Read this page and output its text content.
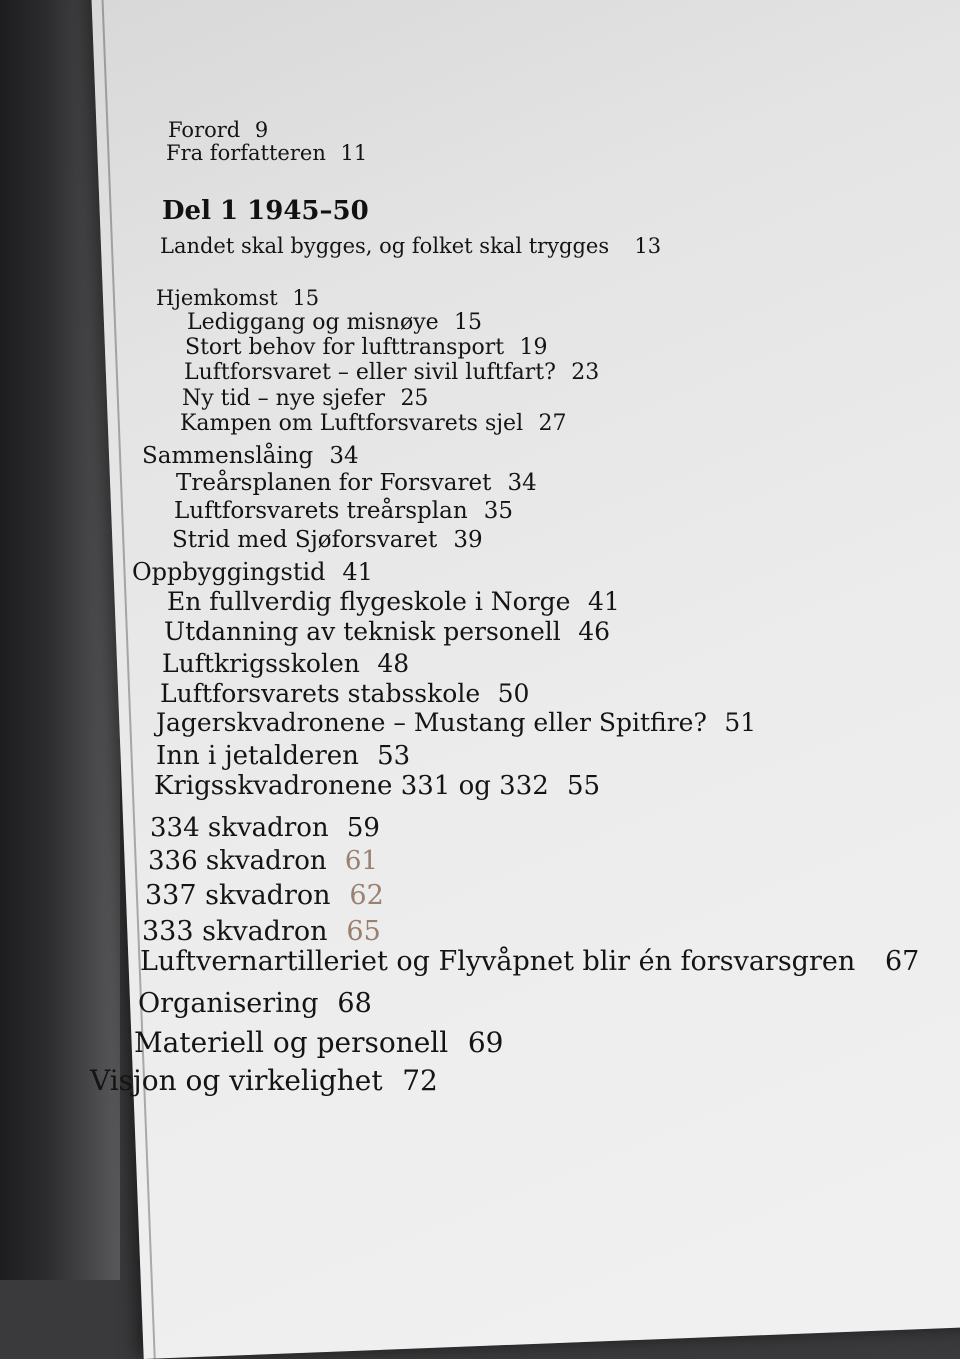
Forord 9
Fra forfatteren 11
Del 1 1945–50
Landet skal bygges, og folket skal trygges 13
Hjemkomst 15
Lediggang og misnøye 15
Stort behov for lufttransport 19
Luftforsvaret – eller sivil luftfart? 23
Ny tid – nye sjefer 25
Kampen om Luftforsvarets sjel 27
Sammenslåing 34
Treårsplanen for Forsvaret 34
Luftforsvarets treårsplan 35
Strid med Sjøforsvaret 39
Oppbyggingstid 41
En fullverdig flygeskole i Norge 41
Utdanning av teknisk personell 46
Luftkrigsskolen 48
Luftforsvarets stabsskole 50
Jagerskvadronene – Mustang eller Spitfire? 51
Inn i jetalderen 53
Krigsskvadronene 331 og 332 55
334 skvadron 59
336 skvadron 61
337 skvadron 62
333 skvadron 65
Luftvernartilleriet og Flyvåpnet blir én forsvarsgren 67
Organisering 68
Materiell og personell 69
Visjon og virkelighet 72
